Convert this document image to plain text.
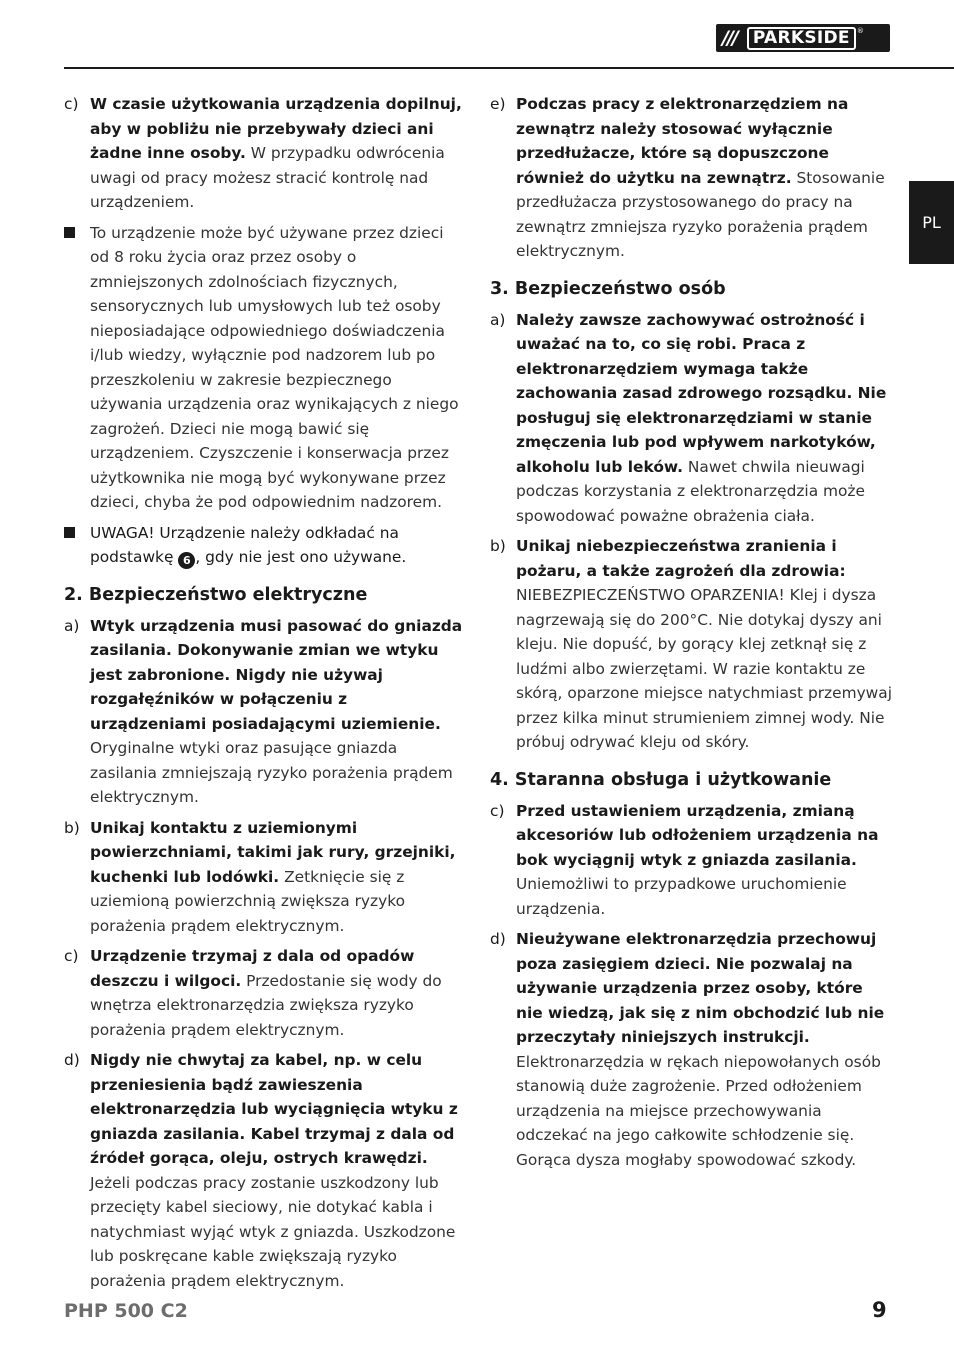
/// PARKSIDE	®
PL
c) W czasie użytkowania urządzenia dopilnuj, aby w pobliżu nie przebywały dzieci ani żadne inne osoby. W przypadku odwrócenia uwagi od pracy możesz stracić kontrolę nad urządzeniem.
To urządzenie może być używane przez dzieci od 8 roku życia oraz przez osoby o zmniejszonych zdolnościach fizycznych, sensorycznych lub umysłowych lub też osoby nieposiadające odpowiedniego doświadczenia i/lub wiedzy, wyłącznie pod nadzorem lub po przeszkoleniu w zakresie bezpiecznego używania urządzenia oraz wynikających z niego zagrożeń. Dzieci nie mogą bawić się urządzeniem. Czyszczenie i konserwacja przez użytkownika nie mogą być wykonywane przez dzieci, chyba że pod odpowiednim nadzorem.
UWAGA! Urządzenie należy odkładać na podstawkę 6 , gdy nie jest ono używane.
2. Bezpieczeństwo elektryczne
a) Wtyk urządzenia musi pasować do gniazda zasilania. Dokonywanie zmian we wtyku jest zabronione. Nigdy nie używaj rozgałęźników w połączeniu z urządzeniami posiadającymi uziemienie. Oryginalne wtyki oraz pasujące gniazda zasilania zmniejszają ryzyko porażenia prądem elektrycznym.
b) Unikaj kontaktu z uziemionymi powierzchniami, takimi jak rury, grzejniki, kuchenki lub lodówki. Zetknięcie się z uziemioną powierzchnią zwiększa ryzyko porażenia prądem elektrycznym.
c) Urządzenie trzymaj z dala od opadów deszczu i wilgoci. Przedostanie się wody do wnętrza elektronarzędzia zwiększa ryzyko porażenia prądem elektrycznym.
d) Nigdy nie chwytaj za kabel, np. w celu przeniesienia bądź zawieszenia elektronarzędzia lub wyciągnięcia wtyku z gniazda zasilania. Kabel trzymaj z dala od źródeł gorąca, oleju, ostrych krawędzi. Jeżeli podczas pracy zostanie uszkodzony lub przecięty kabel sieciowy, nie dotykać kabla i natychmiast wyjąć wtyk z gniazda. Uszkodzone lub poskręcane kable zwiększają ryzyko porażenia prądem elektrycznym.
e) Podczas pracy z elektronarzędziem na zewnątrz należy stosować wyłącznie przedłużacze, które są dopuszczone również do użytku na zewnątrz. Stosowanie przedłużacza przystosowanego do pracy na zewnątrz zmniejsza ryzyko porażenia prądem elektrycznym.
3. Bezpieczeństwo osób
a) Należy zawsze zachowywać ostrożność i uważać na to, co się robi. Praca z elektronarzędziem wymaga także zachowania zasad zdrowego rozsądku. Nie posługuj się elektronarzędziami w stanie zmęczenia lub pod wpływem narkotyków, alkoholu lub leków. Nawet chwila nieuwagi podczas korzystania z elektronarzędzia może spowodować poważne obrażenia ciała.
b) Unikaj niebezpieczeństwa zranienia i pożaru, a także zagrożeń dla zdrowia: NIEBEZPIECZEŃSTWO OPARZENIA! Klej i dysza nagrzewają się do 200°C. Nie dotykaj dyszy ani kleju. Nie dopuść, by gorący klej zetknął się z ludźmi albo zwierzętami. W razie kontaktu ze skórą, oparzone miejsce natychmiast przemywaj przez kilka minut strumieniem zimnej wody. Nie próbuj odrywać kleju od skóry.
4. Staranna obsługa i użytkowanie
c) Przed ustawieniem urządzenia, zmianą akcesoriów lub odłożeniem urządzenia na bok wyciągnij wtyk z gniazda zasilania. Uniemożliwi to przypadkowe uruchomienie urządzenia.
d) Nieużywane elektronarzędzia przechowuj poza zasięgiem dzieci. Nie pozwalaj na używanie urządzenia przez osoby, które nie wiedzą, jak się z nim obchodzić lub nie przeczytały niniejszych instrukcji. Elektronarzędzia w rękach niepowołanych osób stanowią duże zagrożenie. Przed odłożeniem urządzenia na miejsce przechowywania odczekać na jego całkowite schłodzenie się. Gorąca dysza mogłaby spowodować szkody.
PHP 500 C2	9
